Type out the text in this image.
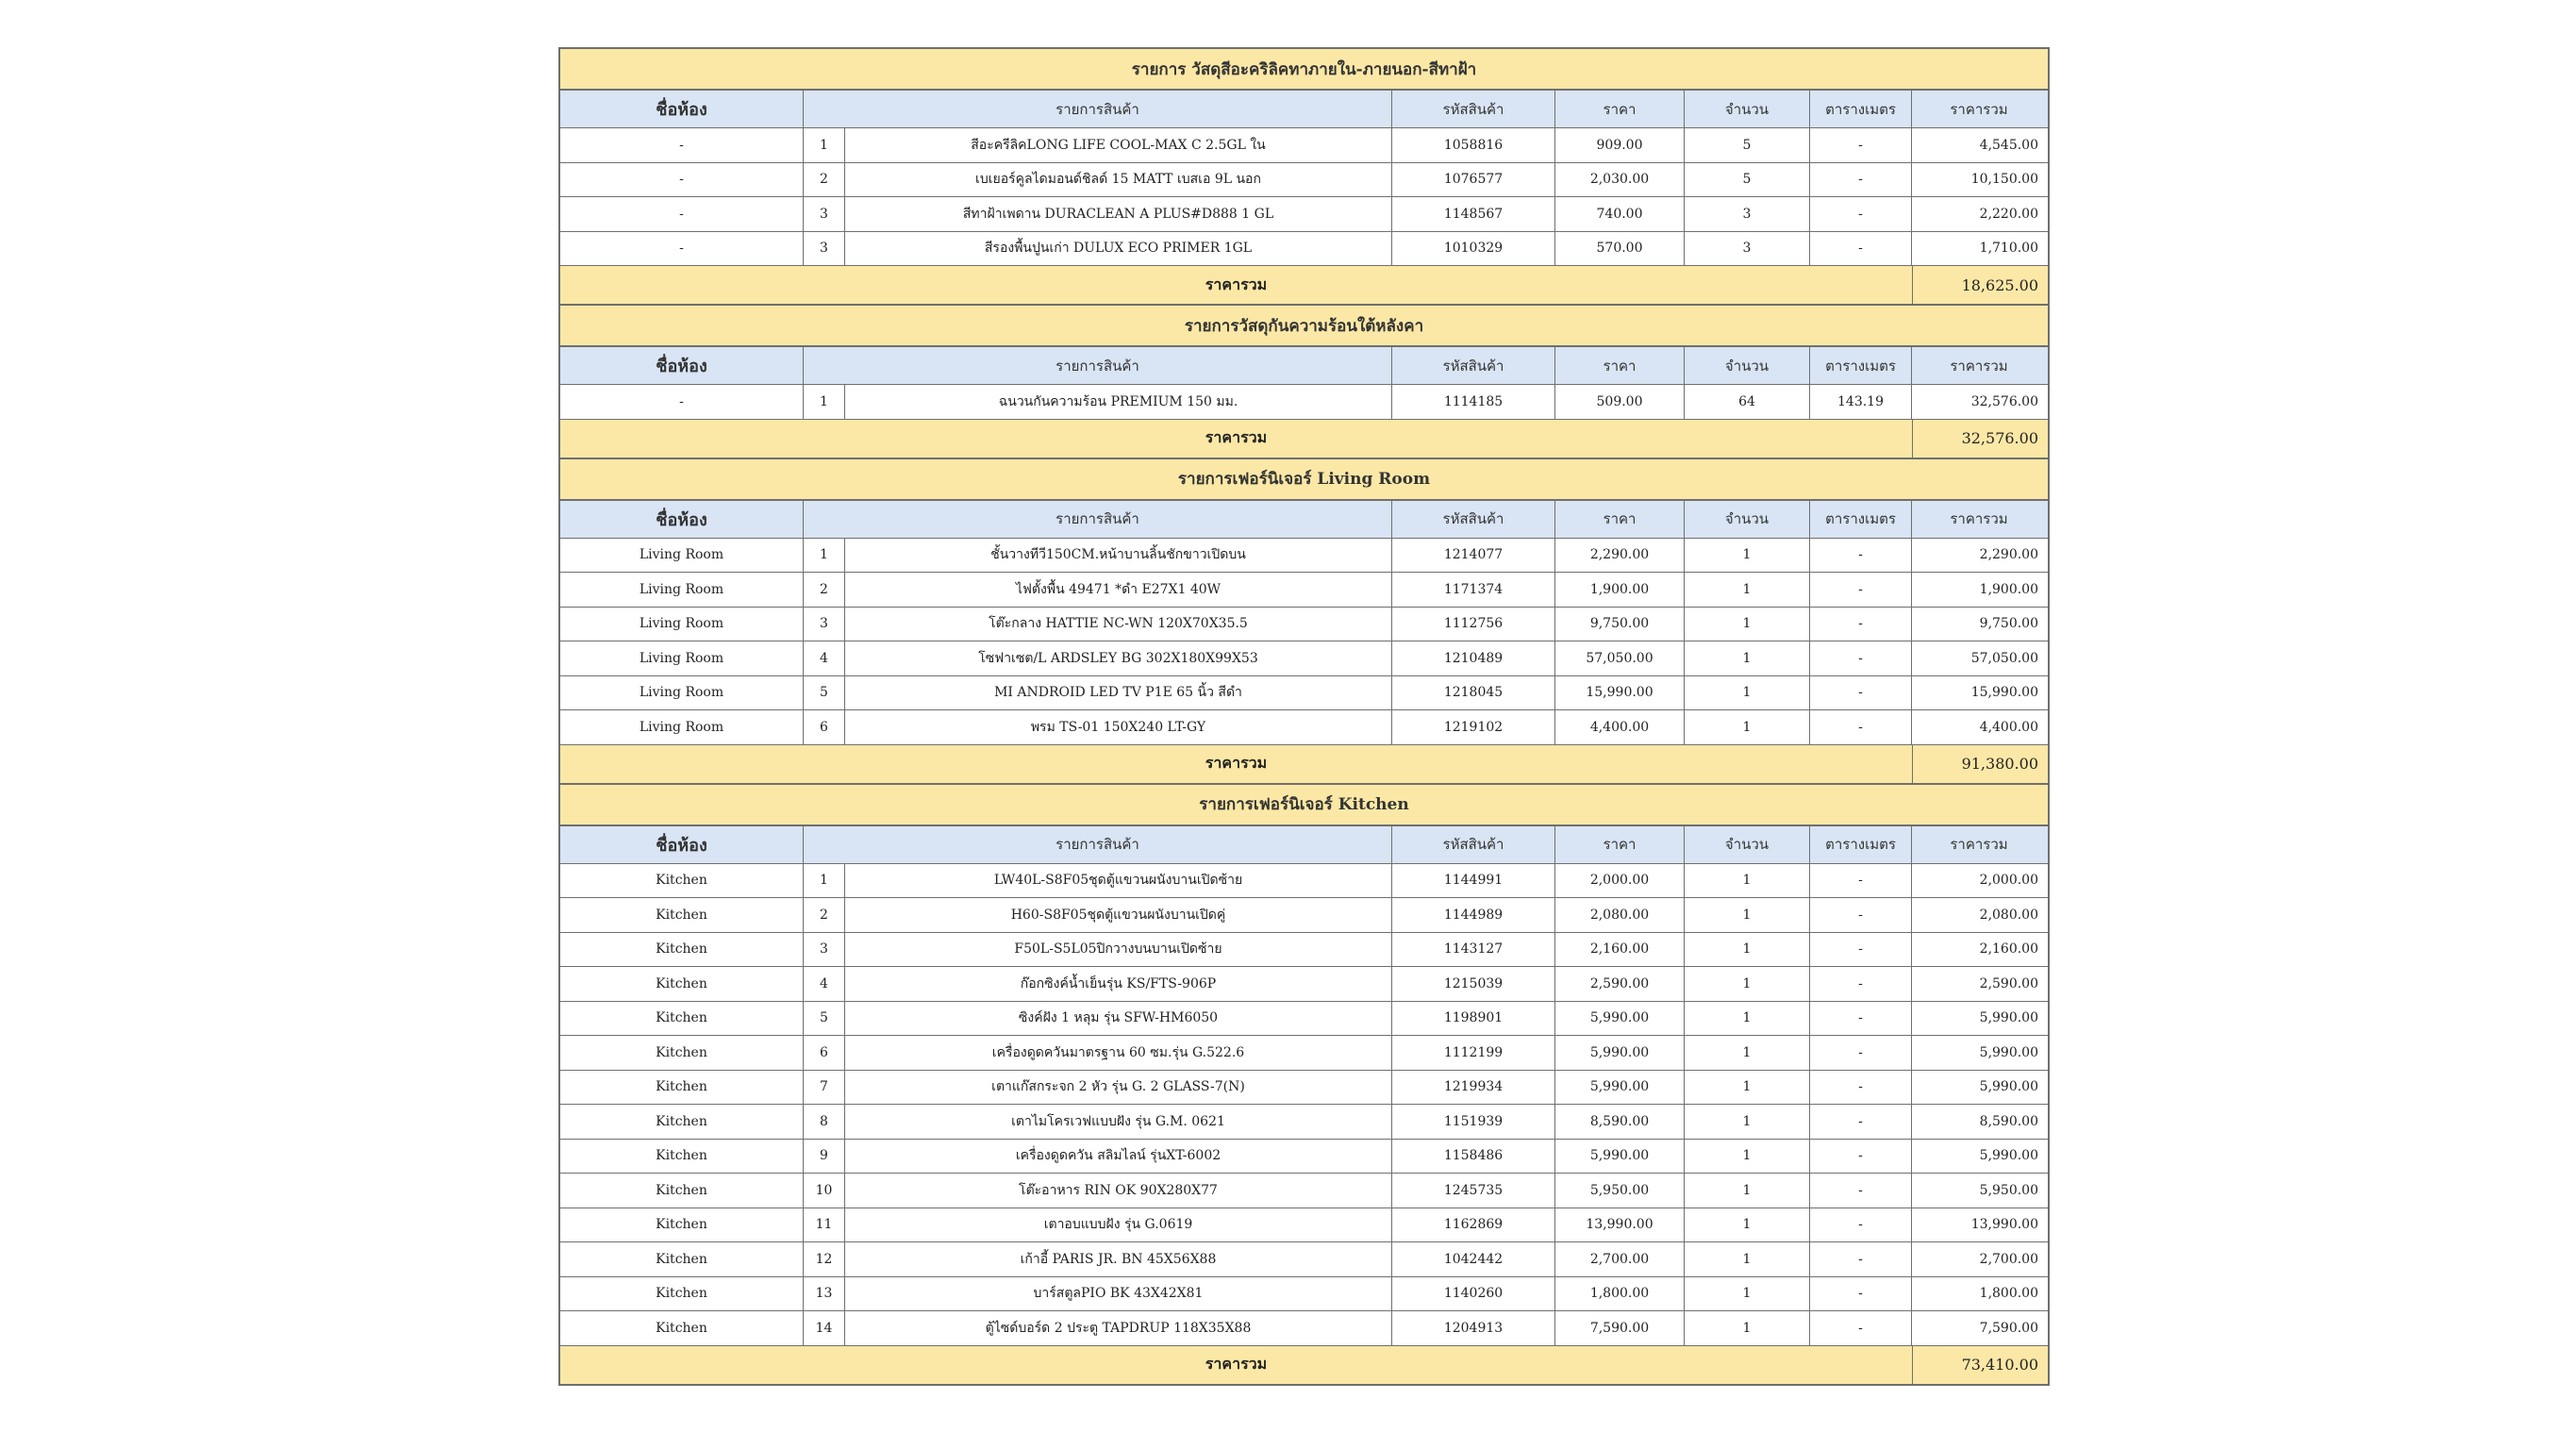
รายการ วัสดุสีอะคริลิคทาภายใน-ภายนอก-สีทาฝ้า
ชื่อห้อง	รายการสินค้า	รหัสสินค้า	ราคา	จำนวน	ตารางเมตร	ราคารวม
-	1	สีอะครีลิคLONG LIFE COOL-MAX C 2.5GL ใน	1058816	909.00	5	-	4,545.00
-	2	เบเยอร์คูลไดมอนด์ชิลด์ 15 MATT เบสเอ 9L นอก	1076577	2,030.00	5	-	10,150.00
-	3	สีทาฝ้าเพดาน DURACLEAN A PLUS#D888 1 GL	1148567	740.00	3	-	2,220.00
-	3	สีรองพื้นปูนเก่า DULUX ECO PRIMER 1GL	1010329	570.00	3	-	1,710.00
ราคารวม	18,625.00
รายการวัสดุกันความร้อนใต้หลังคา
ชื่อห้อง	รายการสินค้า	รหัสสินค้า	ราคา	จำนวน	ตารางเมตร	ราคารวม
-	1	ฉนวนกันความร้อน PREMIUM 150 มม.	1114185	509.00	64	143.19	32,576.00
ราคารวม	32,576.00
รายการเฟอร์นิเจอร์ Living Room
ชื่อห้อง	รายการสินค้า	รหัสสินค้า	ราคา	จำนวน	ตารางเมตร	ราคารวม
Living Room	1	ชั้นวางทีวี150CM.หน้าบานลิ้นชักขาวเปิดบน	1214077	2,290.00	1	-	2,290.00
Living Room	2	ไฟตั้งพื้น 49471 *ดำ E27X1 40W	1171374	1,900.00	1	-	1,900.00
Living Room	3	โต๊ะกลาง HATTIE NC-WN 120X70X35.5	1112756	9,750.00	1	-	9,750.00
Living Room	4	โซฟาเซต/L ARDSLEY BG 302X180X99X53	1210489	57,050.00	1	-	57,050.00
Living Room	5	MI ANDROID LED TV P1E 65 นิ้ว สีดำ	1218045	15,990.00	1	-	15,990.00
Living Room	6	พรม TS-01 150X240 LT-GY	1219102	4,400.00	1	-	4,400.00
ราคารวม	91,380.00
รายการเฟอร์นิเจอร์ Kitchen
ชื่อห้อง	รายการสินค้า	รหัสสินค้า	ราคา	จำนวน	ตารางเมตร	ราคารวม
Kitchen	1	LW40L-S8F05ชุดตู้แขวนผนังบานเปิดซ้าย	1144991	2,000.00	1	-	2,000.00
Kitchen	2	H60-S8F05ชุดตู้แขวนผนังบานเปิดคู่	1144989	2,080.00	1	-	2,080.00
Kitchen	3	F50L-S5L05ปิกวางบนบานเปิดซ้าย	1143127	2,160.00	1	-	2,160.00
Kitchen	4	ก๊อกซิงค์น้ำเย็นรุ่น KS/FTS-906P	1215039	2,590.00	1	-	2,590.00
Kitchen	5	ซิงค์ฝัง 1 หลุม รุ่น SFW-HM6050	1198901	5,990.00	1	-	5,990.00
Kitchen	6	เครื่องดูดควันมาตรฐาน 60 ซม.รุ่น G.522.6	1112199	5,990.00	1	-	5,990.00
Kitchen	7	เตาแก๊สกระจก 2 หัว รุ่น G. 2 GLASS-7(N)	1219934	5,990.00	1	-	5,990.00
Kitchen	8	เตาไมโครเวฟแบบฝัง รุ่น G.M. 0621	1151939	8,590.00	1	-	8,590.00
Kitchen	9	เครื่องดูดควัน สลิมไลน์ รุ่นXT-6002	1158486	5,990.00	1	-	5,990.00
Kitchen	10	โต๊ะอาหาร RIN OK 90X280X77	1245735	5,950.00	1	-	5,950.00
Kitchen	11	เตาอบแบบฝัง รุ่น G.0619	1162869	13,990.00	1	-	13,990.00
Kitchen	12	เก้าอี้ PARIS JR. BN 45X56X88	1042442	2,700.00	1	-	2,700.00
Kitchen	13	บาร์สตูลPIO BK 43X42X81	1140260	1,800.00	1	-	1,800.00
Kitchen	14	ตู้ไซด์บอร์ด 2 ประตู TAPDRUP 118X35X88	1204913	7,590.00	1	-	7,590.00
ราคารวม	73,410.00
